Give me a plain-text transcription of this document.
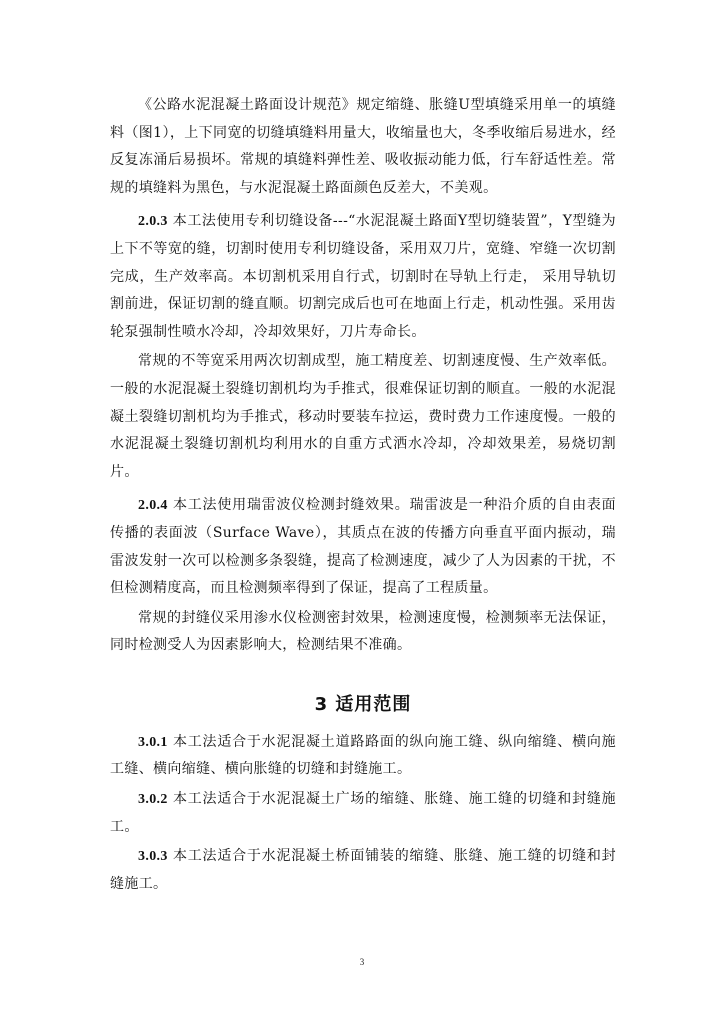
《公路水泥混凝土路面设计规范》规定缩缝、胀缝U型填缝采用单一的填缝料（图1），上下同宽的切缝填缝料用量大，收缩量也大，冬季收缩后易进水，经反复冻涌后易损坏。常规的填缝料弹性差、吸收振动能力低，行车舒适性差。常规的填缝料为黑色，与水泥混凝土路面颜色反差大，不美观。

2.0.3 本工法使用专利切缝设备---“水泥混凝土路面Y型切缝装置”，Y型缝为上下不等宽的缝，切割时使用专利切缝设备，采用双刀片，宽缝、窄缝一次切割完成，生产效率高。本切割机采用自行式，切割时在导轨上行走， 采用导轨切割前进，保证切割的缝直顺。切割完成后也可在地面上行走，机动性强。采用齿轮泵强制性喷水冷却，冷却效果好，刀片寿命长。

常规的不等宽采用两次切割成型，施工精度差、切割速度慢、生产效率低。一般的水泥混凝土裂缝切割机均为手推式，很难保证切割的顺直。一般的水泥混凝土裂缝切割机均为手推式，移动时要装车拉运，费时费力工作速度慢。一般的水泥混凝土裂缝切割机均利用水的自重方式洒水冷却，冷却效果差，易烧切割片。

2.0.4 本工法使用瑞雷波仪检测封缝效果。瑞雷波是一种沿介质的自由表面传播的表面波（Surface Wave），其质点在波的传播方向垂直平面内振动，瑞雷波发射一次可以检测多条裂缝，提高了检测速度，减少了人为因素的干扰，不但检测精度高，而且检测频率得到了保证，提高了工程质量。

常规的封缝仪采用渗水仪检测密封效果，检测速度慢，检测频率无法保证，同时检测受人为因素影响大，检测结果不准确。

3 适用范围

3.0.1 本工法适合于水泥混凝土道路路面的纵向施工缝、纵向缩缝、横向施工缝、横向缩缝、横向胀缝的切缝和封缝施工。

3.0.2 本工法适合于水泥混凝土广场的缩缝、胀缝、施工缝的切缝和封缝施工。

3.0.3 本工法适合于水泥混凝土桥面铺装的缩缝、胀缝、施工缝的切缝和封缝施工。

3
